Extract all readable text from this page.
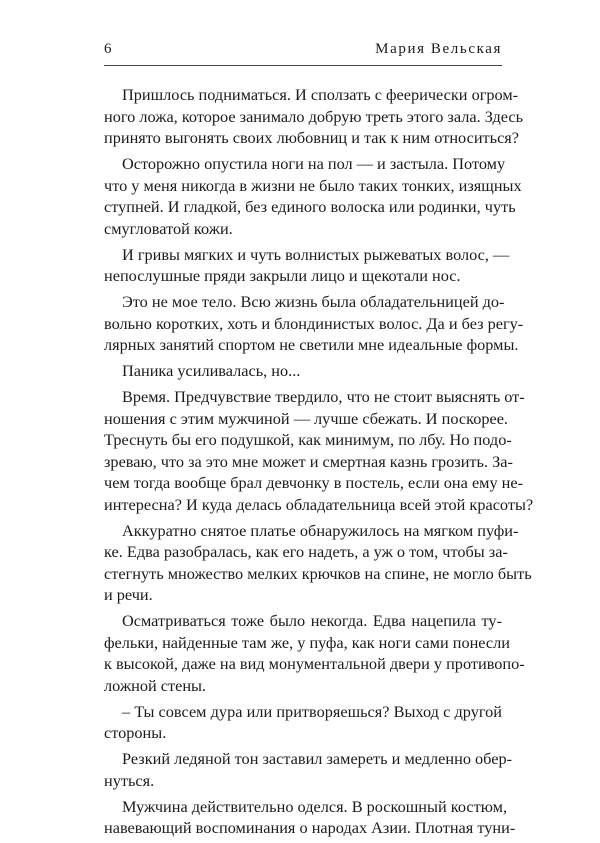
6	Мария Вельская

Пришлось подниматься. И сползать с феерически огром-
ного ложа, которое занимало добрую треть этого зала. Здесь
принято выгонять своих любовниц и так к ним относиться?

Осторожно опустила ноги на пол — и застыла. Потому
что у меня никогда в жизни не было таких тонких, изящных
ступней. И гладкой, без единого волоска или родинки, чуть
смугловатой кожи.

И гривы мягких и чуть волнистых рыжеватых волос, —
непослушные пряди закрыли лицо и щекотали нос.

Это не мое тело. Всю жизнь была обладательницей до-
вольно коротких, хоть и блондинистых волос. Да и без регу-
лярных занятий спортом не светили мне идеальные формы.

Паника усиливалась, но...

Время. Предчувствие твердило, что не стоит выяснять от-
ношения с этим мужчиной — лучше сбежать. И поскорее.
Треснуть бы его подушкой, как минимум, по лбу. Но подо-
зреваю, что за это мне может и смертная казнь грозить. За-
чем тогда вообще брал девчонку в постель, если она ему не-
интересна? И куда делась обладательница всей этой красоты?

Аккуратно снятое платье обнаружилось на мягком пуфи-
ке. Едва разобралась, как его надеть, а уж о том, чтобы за-
стегнуть множество мелких крючков на спине, не могло быть
и речи.

Осматриваться тоже было некогда. Едва нацепила ту-
фельки, найденные там же, у пуфа, как ноги сами понесли
к высокой, даже на вид монументальной двери у противопо-
ложной стены.

– Ты совсем дура или притворяешься? Выход с другой
стороны.

Резкий ледяной тон заставил замереть и медленно обер-
нуться.

Мужчина действительно оделся. В роскошный костюм,
навевающий воспоминания о народах Азии. Плотная туни-
